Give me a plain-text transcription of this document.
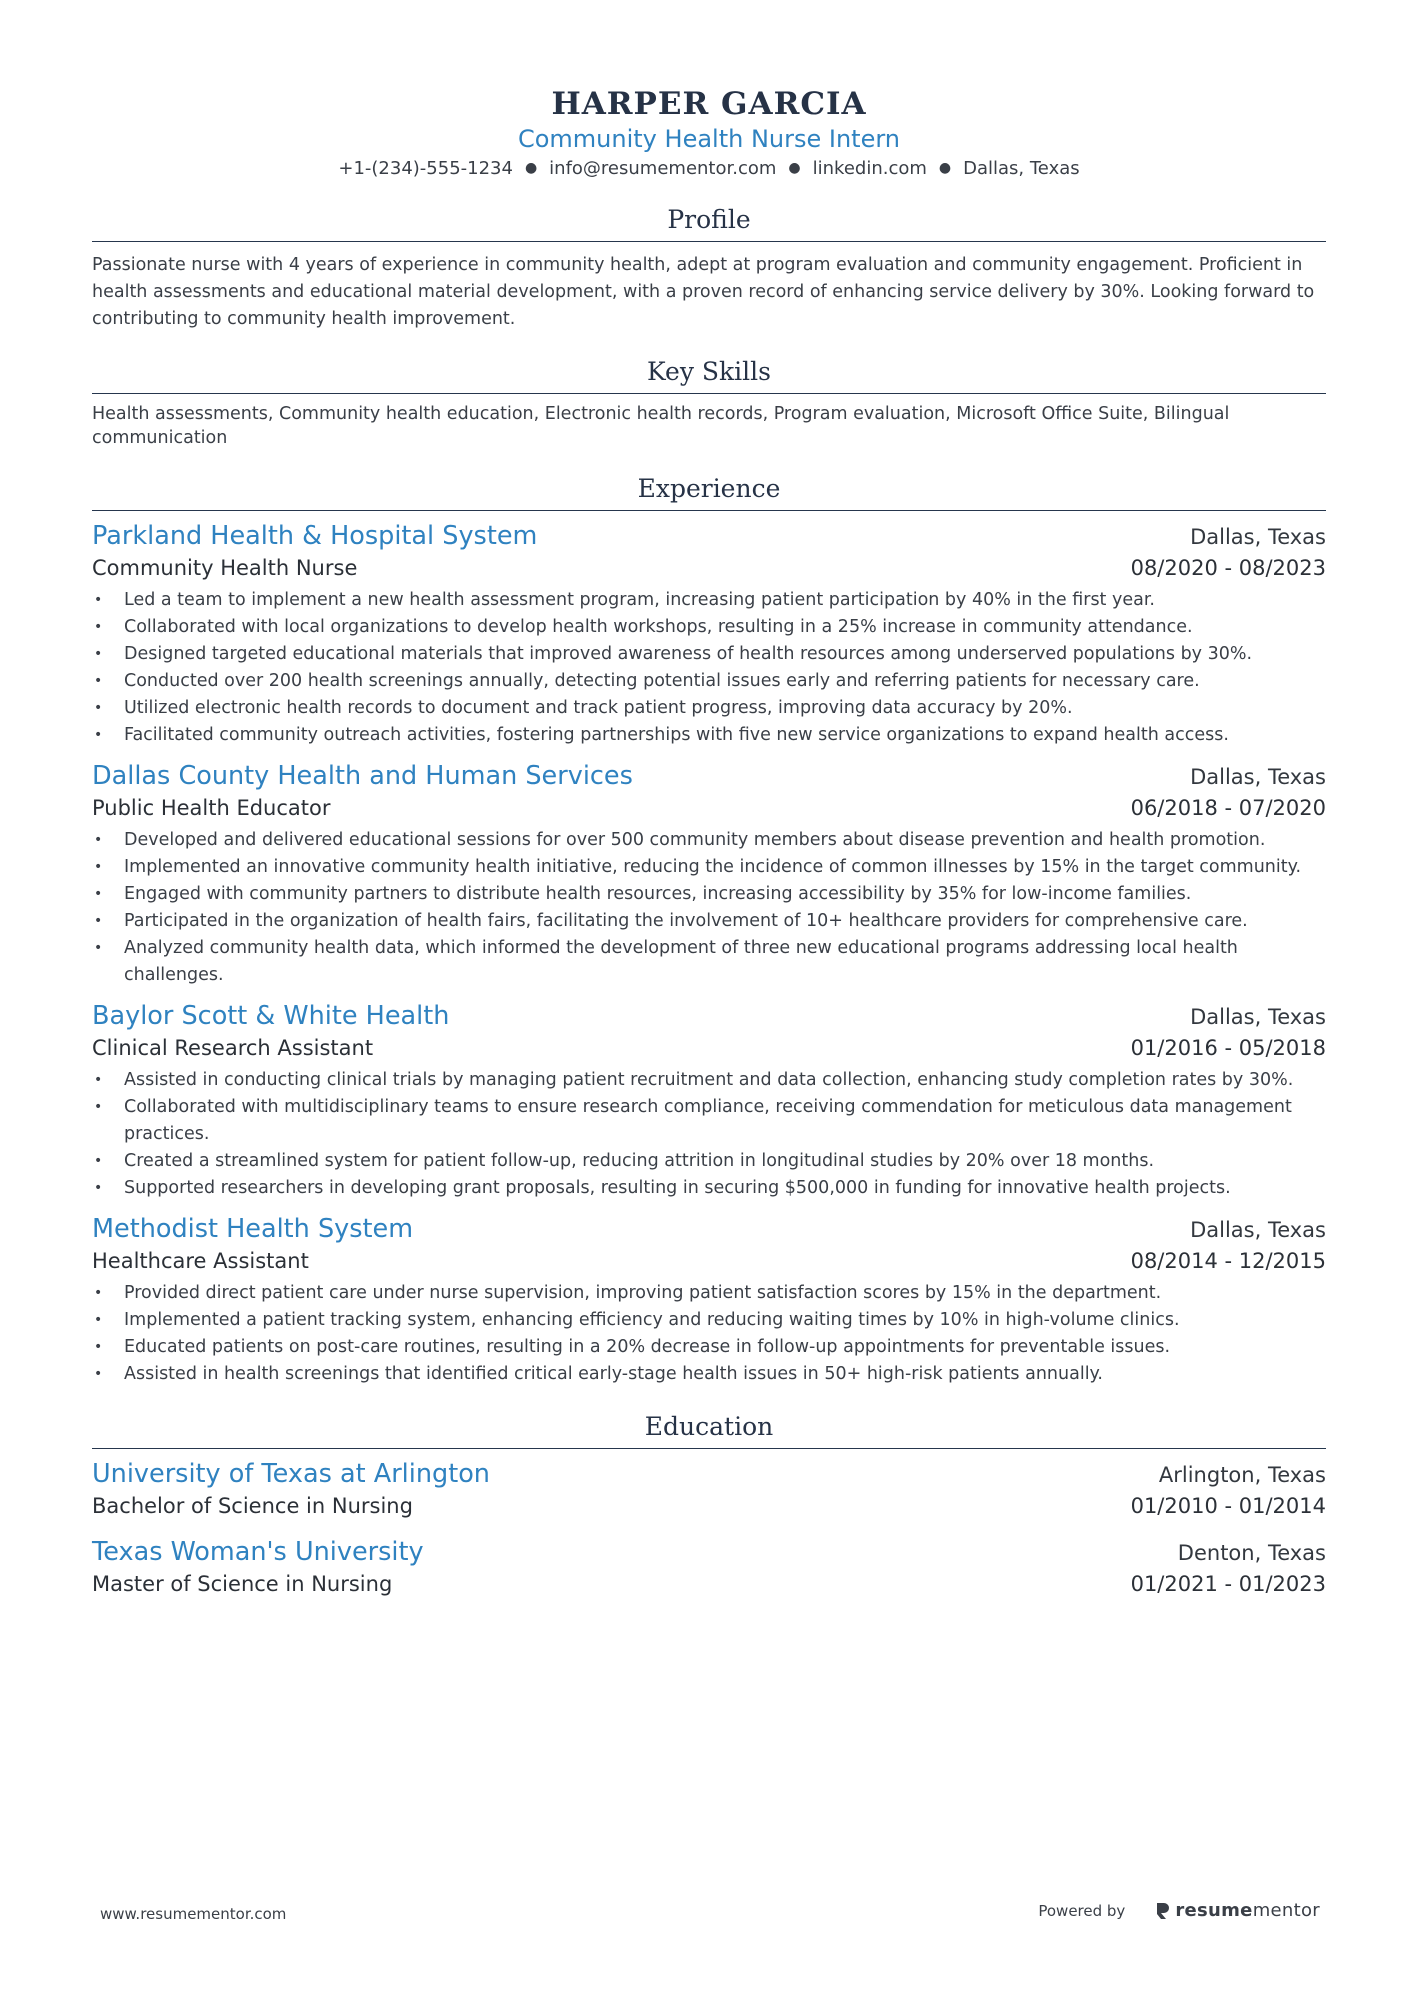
HARPER GARCIA
Community Health Nurse Intern
+1-(234)-555-1234 ● info@resumementor.com ● linkedin.com ● Dallas, Texas
Profile
Passionate nurse with 4 years of experience in community health, adept at program evaluation and community engagement. Proficient in health assessments and educational material development, with a proven record of enhancing service delivery by 30%. Looking forward to contributing to community health improvement.
Key Skills
Health assessments, Community health education, Electronic health records, Program evaluation, Microsoft Office Suite, Bilingual communication
Experience
Parkland Health & Hospital System	Dallas, Texas
Community Health Nurse	08/2020 - 08/2023
• Led a team to implement a new health assessment program, increasing patient participation by 40% in the first year.
• Collaborated with local organizations to develop health workshops, resulting in a 25% increase in community attendance.
• Designed targeted educational materials that improved awareness of health resources among underserved populations by 30%.
• Conducted over 200 health screenings annually, detecting potential issues early and referring patients for necessary care.
• Utilized electronic health records to document and track patient progress, improving data accuracy by 20%.
• Facilitated community outreach activities, fostering partnerships with five new service organizations to expand health access.
Dallas County Health and Human Services	Dallas, Texas
Public Health Educator	06/2018 - 07/2020
• Developed and delivered educational sessions for over 500 community members about disease prevention and health promotion.
• Implemented an innovative community health initiative, reducing the incidence of common illnesses by 15% in the target community.
• Engaged with community partners to distribute health resources, increasing accessibility by 35% for low-income families.
• Participated in the organization of health fairs, facilitating the involvement of 10+ healthcare providers for comprehensive care.
• Analyzed community health data, which informed the development of three new educational programs addressing local health challenges.
Baylor Scott & White Health	Dallas, Texas
Clinical Research Assistant	01/2016 - 05/2018
• Assisted in conducting clinical trials by managing patient recruitment and data collection, enhancing study completion rates by 30%.
• Collaborated with multidisciplinary teams to ensure research compliance, receiving commendation for meticulous data management practices.
• Created a streamlined system for patient follow-up, reducing attrition in longitudinal studies by 20% over 18 months.
• Supported researchers in developing grant proposals, resulting in securing $500,000 in funding for innovative health projects.
Methodist Health System	Dallas, Texas
Healthcare Assistant	08/2014 - 12/2015
• Provided direct patient care under nurse supervision, improving patient satisfaction scores by 15% in the department.
• Implemented a patient tracking system, enhancing efficiency and reducing waiting times by 10% in high-volume clinics.
• Educated patients on post-care routines, resulting in a 20% decrease in follow-up appointments for preventable issues.
• Assisted in health screenings that identified critical early-stage health issues in 50+ high-risk patients annually.
Education
University of Texas at Arlington	Arlington, Texas
Bachelor of Science in Nursing	01/2010 - 01/2014
Texas Woman's University	Denton, Texas
Master of Science in Nursing	01/2021 - 01/2023
www.resumementor.com	Powered by	resumementor
